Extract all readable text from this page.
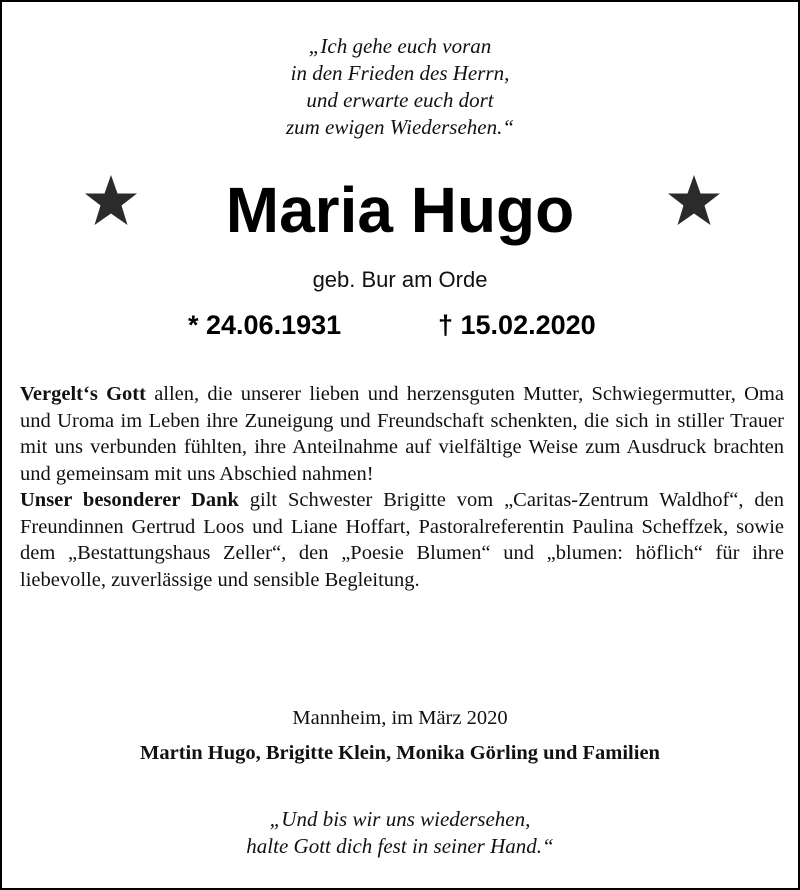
„Ich gehe euch voran
in den Frieden des Herrn,
und erwarte euch dort
zum ewigen Wiedersehen.“
Maria Hugo
geb. Bur am Orde
* 24.06.1931	† 15.02.2020

Vergelt‘s Gott allen, die unserer lieben und herzensguten Mutter, Schwiegermutter, Oma und Uroma im Leben ihre Zuneigung und Freundschaft schenkten, die sich in stiller Trauer mit uns verbunden fühlten, ihre Anteilnahme auf vielfältige Weise zum Ausdruck brachten und gemeinsam mit uns Abschied nahmen!

Unser besonderer Dank gilt Schwester Brigitte vom „Caritas-Zentrum Waldhof“, den Freundinnen Gertrud Loos und Liane Hoffart, Pastoralreferentin Paulina Scheffzek, sowie dem „Bestattungshaus Zeller“, den „Poesie Blumen“ und „blumen: höflich“ für ihre liebevolle, zuverlässige und sensible Begleitung.

Mannheim, im März 2020
Martin Hugo, Brigitte Klein, Monika Görling und Familien
„Und bis wir uns wiedersehen,
halte Gott dich fest in seiner Hand.“
